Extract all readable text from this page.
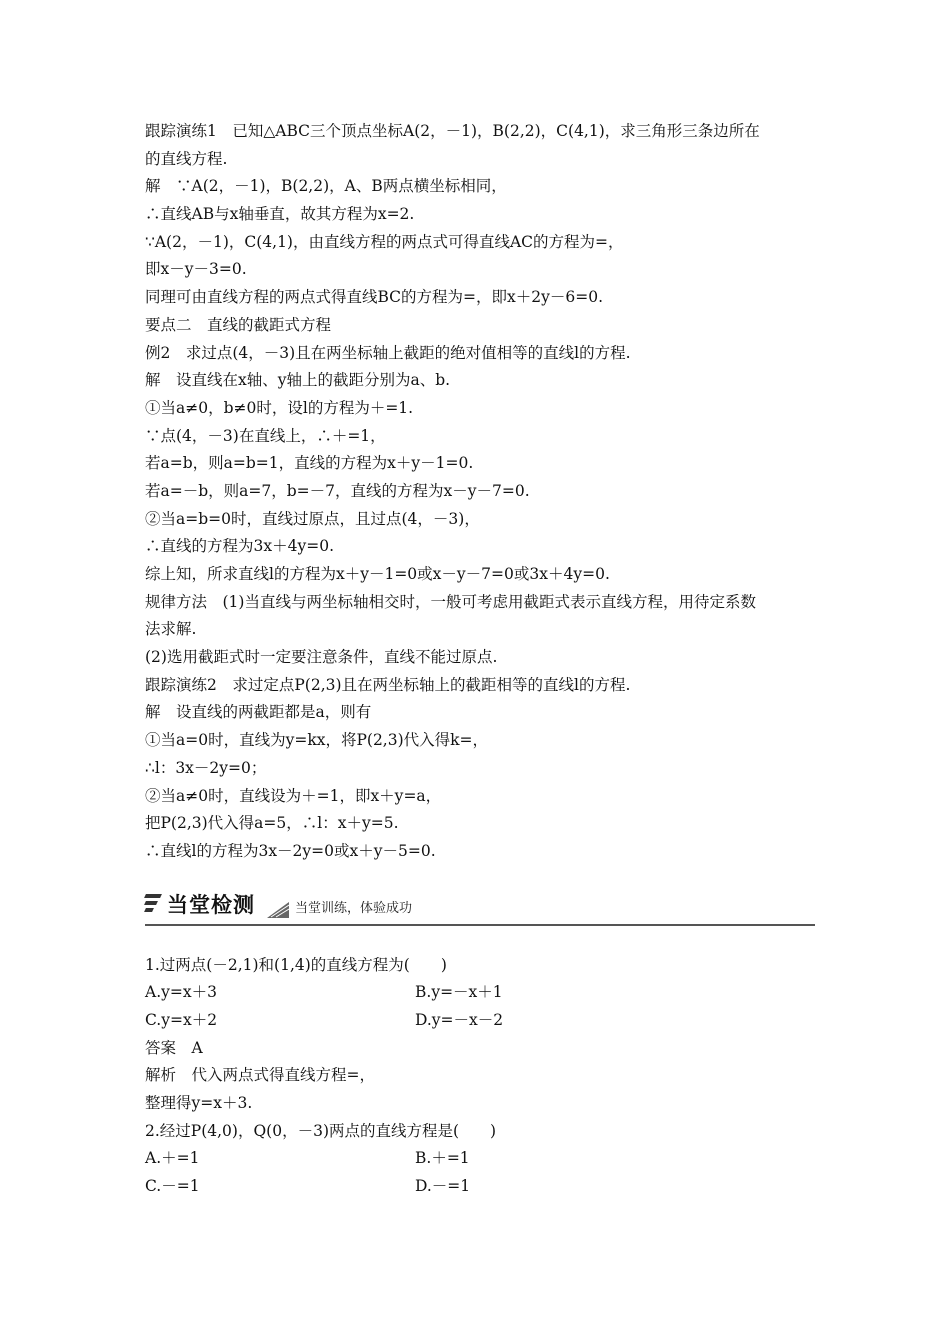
跟踪演练1　已知△ABC三个顶点坐标A(2，－1)，B(2,2)，C(4,1)，求三角形三条边所在
的直线方程.
解　∵A(2，－1)，B(2,2)，A、B两点横坐标相同，
∴直线AB与x轴垂直，故其方程为x=2.
∵A(2，－1)，C(4,1)，由直线方程的两点式可得直线AC的方程为=，
即x－y－3=0.
同理可由直线方程的两点式得直线BC的方程为=，即x＋2y－6=0.
要点二　直线的截距式方程
例2　求过点(4，－3)且在两坐标轴上截距的绝对值相等的直线l的方程.
解　设直线在x轴、y轴上的截距分别为a、b.
①当a≠0，b≠0时，设l的方程为＋=1.
∵点(4，－3)在直线上，∴＋=1，
若a=b，则a=b=1，直线的方程为x＋y－1=0.
若a=－b，则a=7，b=－7，直线的方程为x－y－7=0.
②当a=b=0时，直线过原点，且过点(4，－3)，
∴直线的方程为3x＋4y=0.
综上知，所求直线l的方程为x＋y－1=0或x－y－7=0或3x＋4y=0.
规律方法　(1)当直线与两坐标轴相交时，一般可考虑用截距式表示直线方程，用待定系数
法求解.
(2)选用截距式时一定要注意条件，直线不能过原点.
跟踪演练2　求过定点P(2,3)且在两坐标轴上的截距相等的直线l的方程.
解　设直线的两截距都是a，则有
①当a=0时，直线为y=kx，将P(2,3)代入得k=，
∴l：3x－2y=0；
②当a≠0时，直线设为＋=1，即x＋y=a，
把P(2,3)代入得a=5，∴l：x＋y=5.
∴直线l的方程为3x－2y=0或x＋y－5=0.
当堂检测	当堂训练，体验成功
1.过两点(－2,1)和(1,4)的直线方程为(　　)
A.y=x＋3	B.y=－x＋1
C.y=x＋2	D.y=－x－2
答案　A
解析　代入两点式得直线方程=，
整理得y=x＋3.
2.经过P(4,0)，Q(0，－3)两点的直线方程是(　　)
A.＋=1	B.＋=1
C.－=1	D.－=1
